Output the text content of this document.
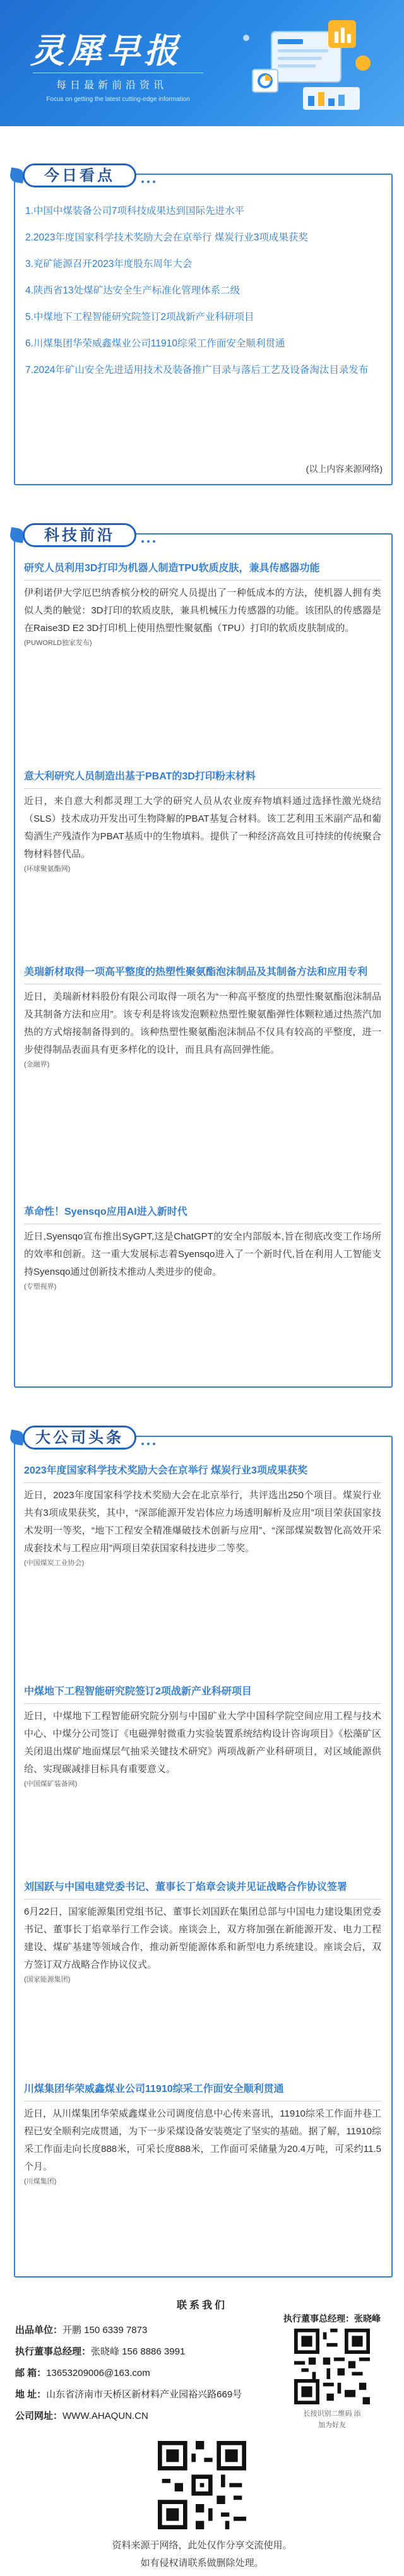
灵犀早报
每日最新前沿资讯
Focus on getting the latest cutting-edge information
今日看点
1.中国中煤装备公司7项科技成果达到国际先进水平
2.2023年度国家科学技术奖励大会在京举行 煤炭行业3项成果获奖
3.兖矿能源召开2023年度股东周年大会
4.陕西省13处煤矿达安全生产标准化管理体系二级
5.中煤地下工程智能研究院签订2项战新产业科研项目
6.川煤集团华荣威鑫煤业公司11910综采工作面安全顺利贯通
7.2024年矿山安全先进适用技术及装备推广目录与落后工艺及设备淘汰目录发布
(以上内容来源网络)
科技前沿
研究人员利用3D打印为机器人制造TPU软质皮肤，兼具传感器功能
伊利诺伊大学厄巴纳香槟分校的研究人员提出了一种低成本的方法，使机器人拥有类似人类的触觉：3D打印的软质皮肤，兼具机械压力传感器的功能。该团队的传感器是在Raise3D E2 3D打印机上使用热塑性聚氨酯（TPU）打印的软质皮肤制成的。
(PUWORLD独家发布)
意大利研究人员制造出基于PBAT的3D打印粉末材料
近日，来自意大利都灵理工大学的研究人员从农业废弃物填料通过选择性激光烧结（SLS）技术成功开发出可生物降解的PBAT基复合材料。该工艺利用玉米副产品和葡萄酒生产残渣作为PBAT基质中的生物填料。提供了一种经济高效且可持续的传统聚合物材料替代品。
(环球聚氨酯网)
美瑞新材取得一项高平整度的热塑性聚氨酯泡沫制品及其制备方法和应用专利
近日，美瑞新材料股份有限公司取得一项名为“一种高平整度的热塑性聚氨酯泡沫制品及其制备方法和应用”。该专利是将该发泡颗粒热塑性聚氨酯弹性体颗粒通过热蒸汽加热的方式熔接制备得到的。该种热塑性聚氨酯泡沫制品不仅具有较高的平整度，进一步使得制品表面具有更多样化的设计，而且具有高回弹性能。
(金融界)
革命性！Syensqo应用AI进入新时代
近日,Syensqo宣布推出SyGPT,这是ChatGPT的安全内部版本,旨在彻底改变工作场所的效率和创新。这一重大发展标志着Syensqo进入了一个新时代,旨在利用人工智能支持Syensqo通过创新技术推动人类进步的使命。
(专塑视界)
大公司头条
2023年度国家科学技术奖励大会在京举行 煤炭行业3项成果获奖
近日，2023年度国家科学技术奖励大会在北京举行，共评选出250个项目。煤炭行业共有3项成果获奖，其中，“深部能源开发岩体应力场透明解析及应用”项目荣获国家技术发明一等奖，“地下工程安全精准爆破技术创新与应用”、“深部煤炭数智化高效开采成套技术与工程应用”两项目荣获国家科技进步二等奖。
(中国煤炭工业协会)
中煤地下工程智能研究院签订2项战新产业科研项目
近日，中煤地下工程智能研究院分别与中国矿业大学中国科学院空间应用工程与技术中心、中煤分公司签订《电磁弹射微重力实验装置系统结构设计咨询项目》《松藻矿区关闭退出煤矿地面煤层气抽采关键技术研究》两项战新产业科研项目，对区域能源供给、实现碳减排目标具有重要意义。
(中国煤矿装备网)
刘国跃与中国电建党委书记、董事长丁焰章会谈并见证战略合作协议签署
6月22日，国家能源集团党组书记、董事长刘国跃在集团总部与中国电力建设集团党委书记、董事长丁焰章举行工作会谈。座谈会上，双方将加强在新能源开发、电力工程建设、煤矿基建等领域合作，推动新型能源体系和新型电力系统建设。座谈会后，双方签订双方战略合作协议仪式。
(国家能源集团)
川煤集团华荣威鑫煤业公司11910综采工作面安全顺利贯通
近日，从川煤集团华荣威鑫煤业公司调度信息中心传来喜讯，11910综采工作面井巷工程已安全顺利完成贯通，为下一步采煤设备安装奠定了坚实的基础。据了解，11910综采工作面走向长度888米，可采长度888米，工作面可采储量为20.4万吨，可采约11.5个月。
(川煤集团)
联系我们
出品单位：开鹏 150 6339 7873
执行董事总经理：张晓峰 156 8886 3991
邮 箱：13653209006@163.com
地 址：山东省济南市天桥区新材料产业园裕兴路669号
公司网址：WWW.AHAQUN.CN
执行董事总经理：张晓峰
长按识别二维码 添加为好友
资料来源于网络，此处仅作分享交流使用。
如有侵权请联系做删除处理。
